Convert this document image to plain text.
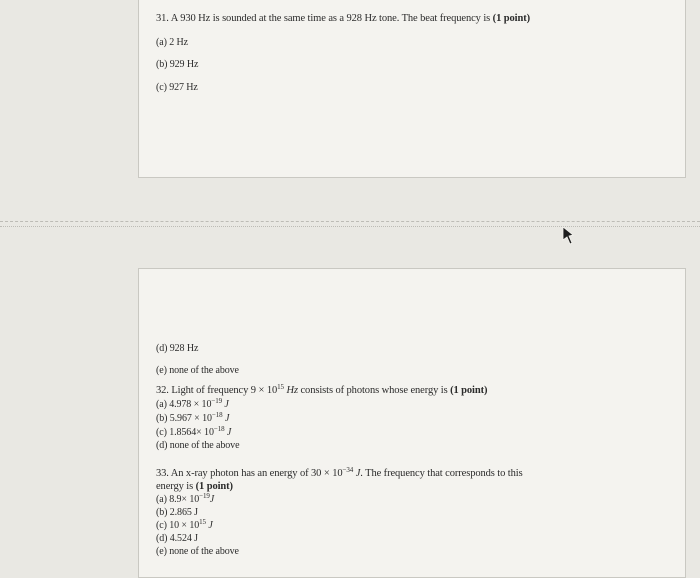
31. A 930 Hz is sounded at the same time as a 928 Hz tone. The beat frequency is (1 point)
(a) 2 Hz
(b) 929 Hz
(c) 927 Hz
(d) 928 Hz
(e) none of the above
32. Light of frequency $9 \times 10^{15}$ Hz consists of photons whose energy is (1 point)
(a) $4.978 \times 10^{-19}$ J
(b) $5.967 \times 10^{-18}$ J
(c) $1.8564\times 10^{-18}$ J
(d) none of the above
33. An x-ray photon has an energy of $30 \times 10^{-34}$ J. The frequency that corresponds to this
energy is (1 point)
(a) $8.9\times 10^{-19}J$
(b) 2.865 J
(c) $10 \times 10^{15}$ J
(d) 4.524 J
(e) none of the above
